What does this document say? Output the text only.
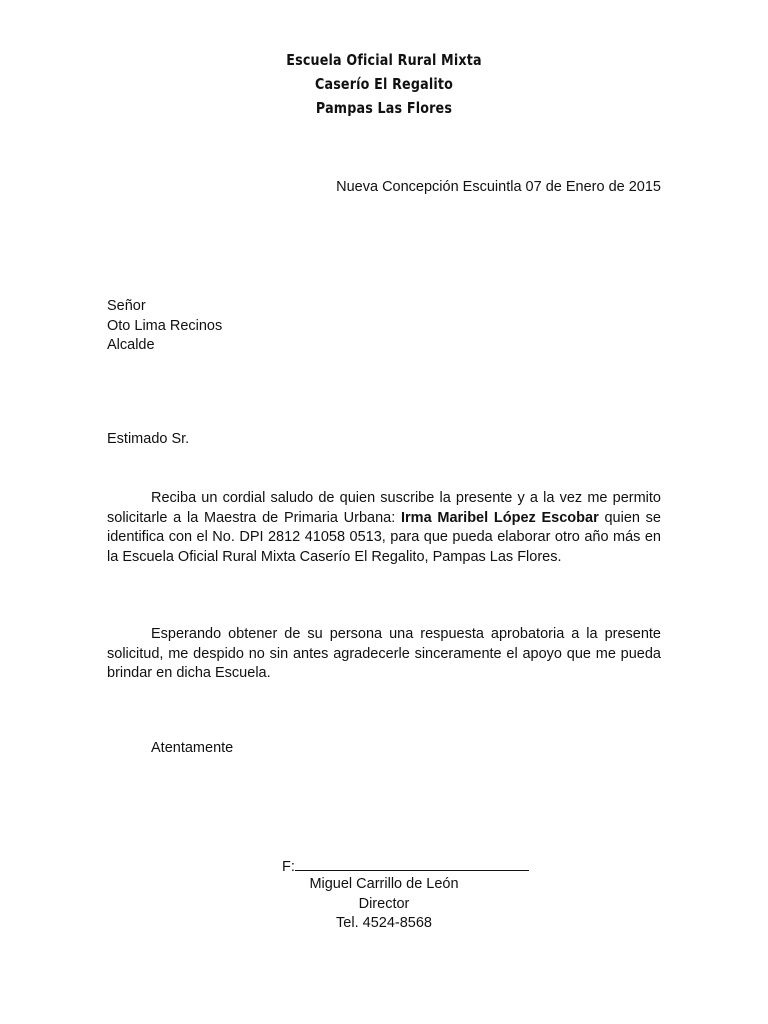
Escuela Oficial Rural Mixta
Caserío El Regalito
Pampas Las Flores
Nueva Concepción Escuintla 07 de Enero de 2015
Señor
Oto Lima Recinos
Alcalde
Estimado Sr.
Reciba un cordial saludo de quien suscribe la presente y a la vez me permito solicitarle a la Maestra de Primaria Urbana: Irma Maribel López Escobar quien se identifica con el No. DPI 2812 41058 0513, para que pueda elaborar otro año más en la Escuela Oficial Rural Mixta Caserío El Regalito, Pampas Las Flores.
Esperando obtener de su persona una respuesta aprobatoria a la presente solicitud, me despido no sin antes agradecerle sinceramente el apoyo que me pueda brindar en dicha Escuela.
Atentamente
F:
Miguel Carrillo de León
Director
Tel. 4524-8568
